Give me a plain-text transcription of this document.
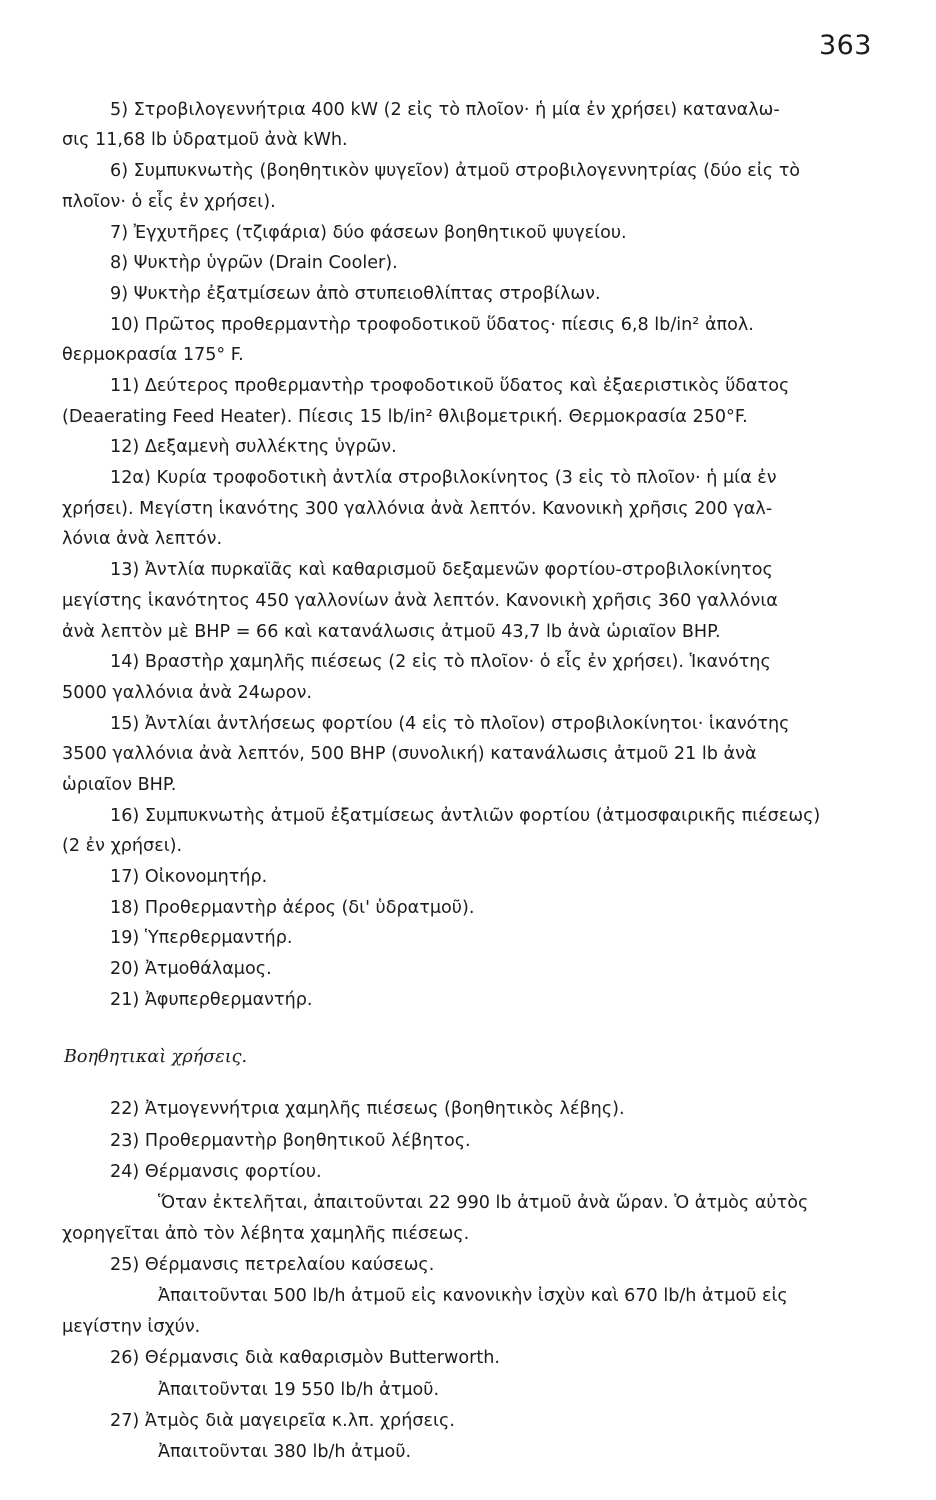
363
5) Στροβιλογεννήτρια 400 kW (2 εἰς τὸ πλοῖον· ἡ μία ἐν χρήσει) καταναλω-
σις 11,68 lb ὑδρατμοῦ ἀνὰ kWh.
6) Συμπυκνωτὴς (βοηθητικὸν ψυγεῖον) ἀτμοῦ στροβιλογεννητρίας (δύο εἰς τὸ
πλοῖον· ὁ εἷς ἐν χρήσει).
7) Ἐγχυτῆρες (τζιφάρια) δύο φάσεων βοηθητικοῦ ψυγείου.
8) Ψυκτὴρ ὑγρῶν (Drain Cooler).
9) Ψυκτὴρ ἐξατμίσεων ἀπὸ στυπειοθλίπτας στροβίλων.
10) Πρῶτος προθερμαντὴρ τροφοδοτικοῦ ὕδατος· πίεσις 6,8 lb/in² ἀπολ.
θερμοκρασία 175° F.
11) Δεύτερος προθερμαντὴρ τροφοδοτικοῦ ὕδατος καὶ ἐξαεριστικὸς ὕδατος
(Deaerating Feed Heater). Πίεσις 15 lb/in² θλιβομετρική. Θερμοκρασία 250°F.
12) Δεξαμενὴ συλλέκτης ὑγρῶν.
12α) Κυρία τροφοδοτικὴ ἀντλία στροβιλοκίνητος (3 εἰς τὸ πλοῖον· ἡ μία ἐν
χρήσει). Μεγίστη ἱκανότης 300 γαλλόνια ἀνὰ λεπτόν. Κανονικὴ χρῆσις 200 γαλ-
λόνια ἀνὰ λεπτόν.
13) Ἀντλία πυρκαϊᾶς καὶ καθαρισμοῦ δεξαμενῶν φορτίου-στροβιλοκίνητος
μεγίστης ἱκανότητος 450 γαλλονίων ἀνὰ λεπτόν. Κανονικὴ χρῆσις 360 γαλλόνια
ἀνὰ λεπτὸν μὲ BHP = 66 καὶ κατανάλωσις ἀτμοῦ 43,7 lb ἀνὰ ὡριαῖον BHP.
14) Βραστὴρ χαμηλῆς πιέσεως (2 εἰς τὸ πλοῖον· ὁ εἷς ἐν χρήσει). Ἱκανότης
5000 γαλλόνια ἀνὰ 24ωρον.
15) Ἀντλίαι ἀντλήσεως φορτίου (4 εἰς τὸ πλοῖον) στροβιλοκίνητοι· ἱκανότης
3500 γαλλόνια ἀνὰ λεπτόν, 500 BHP (συνολική) κατανάλωσις ἀτμοῦ 21 lb ἀνὰ
ὡριαῖον BHP.
16) Συμπυκνωτὴς ἀτμοῦ ἐξατμίσεως ἀντλιῶν φορτίου (ἀτμοσφαιρικῆς πιέσεως)
(2 ἐν χρήσει).
17) Οἰκονομητήρ.
18) Προθερμαντὴρ ἀέρος (δι' ὑδρατμοῦ).
19) Ὑπερθερμαντήρ.
20) Ἀτμοθάλαμος.
21) Ἀφυπερθερμαντήρ.
Βοηθητικαὶ χρήσεις.
22) Ἀτμογεννήτρια χαμηλῆς πιέσεως (βοηθητικὸς λέβης).
23) Προθερμαντὴρ βοηθητικοῦ λέβητος.
24) Θέρμανσις φορτίου.
Ὅταν ἐκτελῆται, ἀπαιτοῦνται 22 990 lb ἀτμοῦ ἀνὰ ὥραν. Ὁ ἀτμὸς αὐτὸς
χορηγεῖται ἀπὸ τὸν λέβητα χαμηλῆς πιέσεως.
25) Θέρμανσις πετρελαίου καύσεως.
Ἀπαιτοῦνται 500 lb/h ἀτμοῦ εἰς κανονικὴν ἰσχὺν καὶ 670 lb/h ἀτμοῦ εἰς
μεγίστην ἰσχύν.
26) Θέρμανσις διὰ καθαρισμὸν Butterworth.
Ἀπαιτοῦνται 19 550 lb/h ἀτμοῦ.
27) Ἀτμὸς διὰ μαγειρεῖα κ.λπ. χρήσεις.
Ἀπαιτοῦνται 380 lb/h ἀτμοῦ.
